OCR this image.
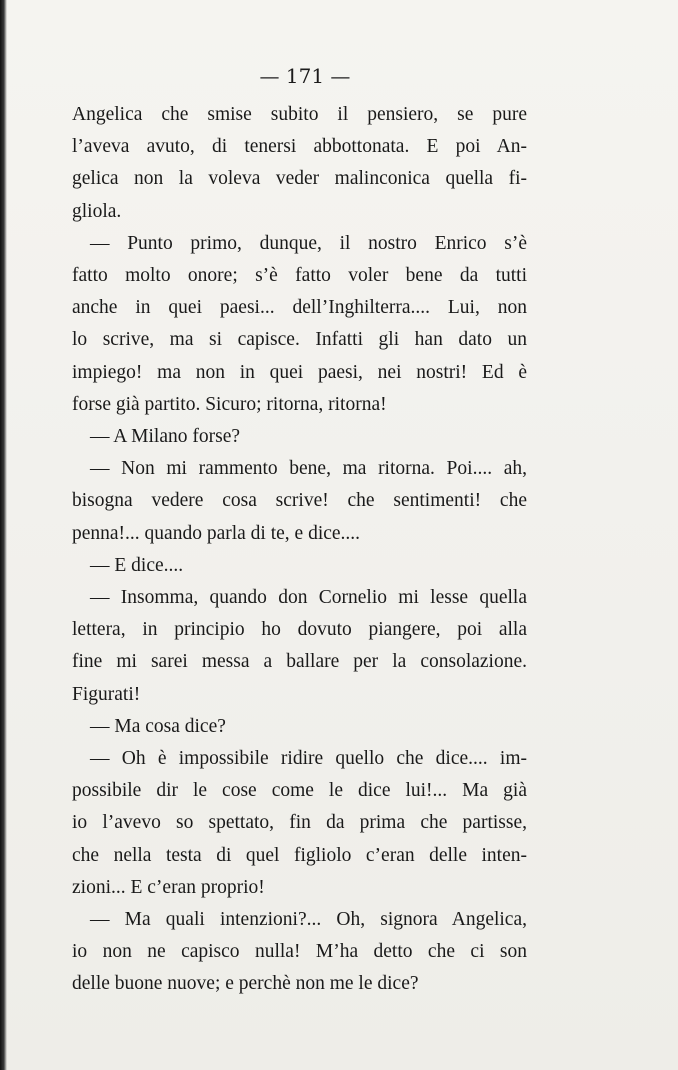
— 171 —
Angelica che smise subito il pensiero, se pure
l’aveva avuto, di tenersi abbottonata. E poi An-
gelica non la voleva veder malinconica quella fi-
gliola.
— Punto primo, dunque, il nostro Enrico s’è
fatto molto onore; s’è fatto voler bene da tutti
anche in quei paesi... dell’Inghilterra.... Lui, non
lo scrive, ma si capisce. Infatti gli han dato un
impiego! ma non in quei paesi, nei nostri! Ed è
forse già partito. Sicuro; ritorna, ritorna!
— A Milano forse?
— Non mi rammento bene, ma ritorna. Poi.... ah,
bisogna vedere cosa scrive! che sentimenti! che
penna!... quando parla di te, e dice....
— E dice....
— Insomma, quando don Cornelio mi lesse quella
lettera, in principio ho dovuto piangere, poi alla
fine mi sarei messa a ballare per la consolazione.
Figurati!
— Ma cosa dice?
— Oh è impossibile ridire quello che dice.... im-
possibile dir le cose come le dice lui!... Ma già
io l’avevo so spettato, fin da prima che partisse,
che nella testa di quel figliolo c’eran delle inten-
zioni... E c’eran proprio!
— Ma quali intenzioni?... Oh, signora Angelica,
io non ne capisco nulla! M’ha detto che ci son
delle buone nuove; e perchè non me le dice?
